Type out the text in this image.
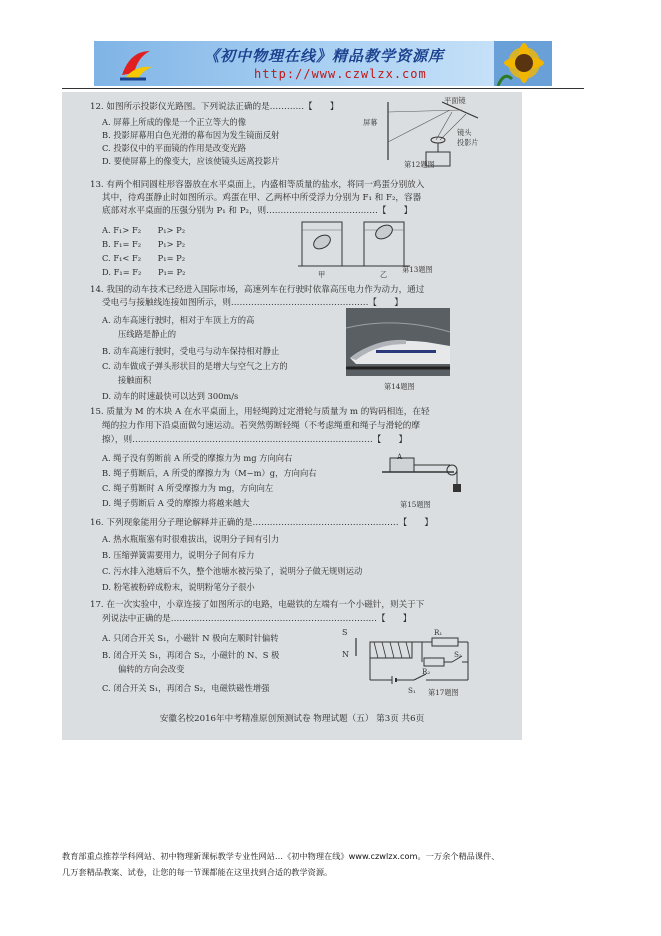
《初中物理在线》精品教学资源库
http://www.czwlzx.com
12. 如图所示投影仪光路图。下列说法正确的是…………【　　】
A. 屏幕上所成的像是一个正立等大的像
B. 投影屏幕用白色光滑的幕布因为发生镜面反射
C. 投影仪中的平面镜的作用是改变光路
D. 要使屏幕上的像变大，应该使镜头远离投影片
平面镜
屏幕
镜头
投影片
第12题图
13. 有两个相同圆柱形容器放在水平桌面上，内盛相等质量的盐水，将同一鸡蛋分别放入
其中，待鸡蛋静止时如图所示。鸡蛋在甲、乙两杯中所受浮力分别为 F₁ 和 F₂，容器
底部对水平桌面的压强分别为 P₁ 和 P₂，则…………………………………【　　】
A. F₁> F₂　　P₁> P₂
B. F₁= F₂　　P₁> P₂
C. F₁< F₂　　P₁= P₂
D. F₁= F₂　　P₁= P₂	甲	乙
第13题图
14. 我国的动车技术已经进入国际市场，高速列车在行驶时依靠高压电力作为动力，通过
受电弓与接触线连接如图所示，则…………………………………………【　　】
A. 动车高速行驶时，相对于车顶上方的高
压线路是静止的
B. 动车高速行驶时，受电弓与动车保持相对静止
C. 动车做成子弹头形状目的是增大与空气之上方的
接触面积
D. 动车的时速最快可以达到 300m/s
第14题图
15. 质量为 M 的木块 A 在水平桌面上，用轻绳跨过定滑轮与质量为 m 的钩码相连，在轻
绳的拉力作用下沿桌面做匀速运动。若突然剪断轻绳（不考虑绳重和绳子与滑轮的摩
擦），则…………………………………………………………………………【　　】
A. 绳子没有剪断前 A 所受的摩擦力为 mg 方向向右
B. 绳子剪断后，A 所受的摩擦力为（M−m）g，方向向右
C. 绳子剪断时 A 所受摩擦力为 mg，方向向左
D. 绳子剪断后 A 受的摩擦力将越来越大
A
第15题图
16. 下列现象能用分子理论解释并正确的是……………………………………………【　　】
A. 热水瓶瓶塞有时很难拔出，说明分子间有引力
B. 压缩弹簧需要用力，说明分子间有斥力
C. 污水排入池塘后不久，整个池塘水被污染了，说明分子做无规则运动
D. 粉笔被粉碎成粉末，说明粉笔分子很小
17. 在一次实验中，小章连接了如图所示的电路，电磁铁的左端有一个小磁针，则关于下
列说法中正确的是………………………………………………………………【　　】
A. 只闭合开关 S₁，小磁针 N 极向左顺时针偏转
B. 闭合开关 S₁，再闭合 S₂，小磁针的 N、S 极
偏转的方向会改变
C. 闭合开关 S₁，再闭合 S₂，电磁铁磁性增强
S
N
R₁
R₂
S₂
S₁ 第17题图
安徽名校2016年中考精准原创预测试卷 物理试题（五） 第3页 共6页
教育部重点推荐学科网站、初中物理新课标教学专业性网站…《初中物理在线》www.czwlzx.com。一万余个精品课件、
几万套精品教案、试卷，让您的每一节课都能在这里找到合适的教学资源。
